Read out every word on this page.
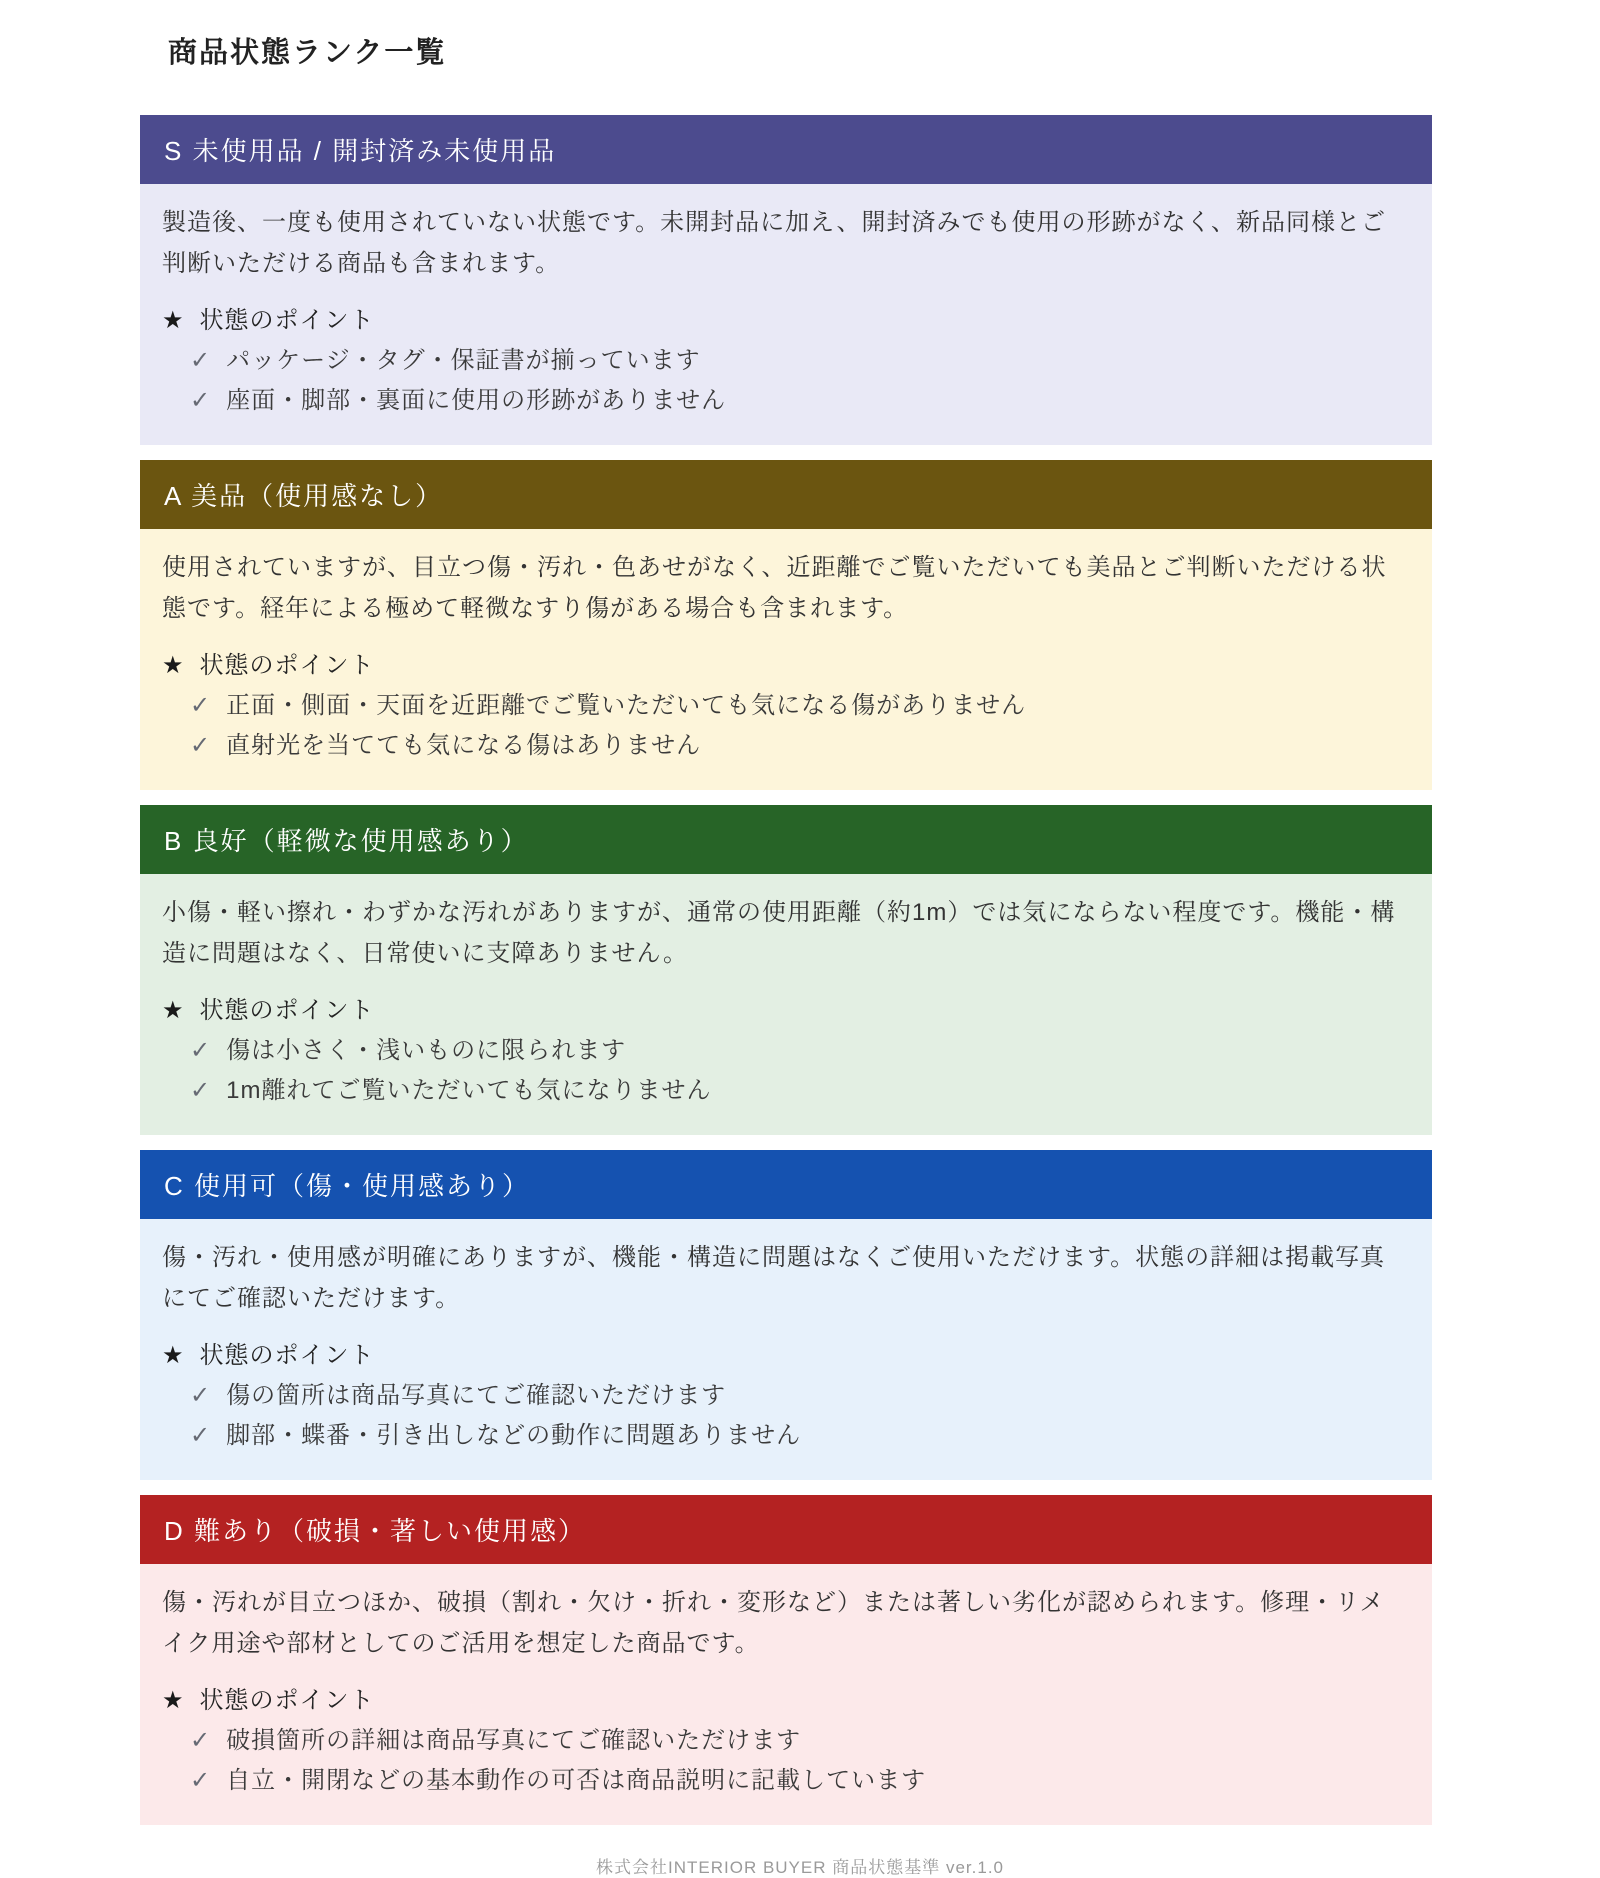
商品状態ランク一覧
S 未使用品 / 開封済み未使用品

製造後、一度も使用されていない状態です。未開封品に加え、開封済みでも使用の形跡がなく、新品同様とご判断いただける商品も含まれます。

★ 状態のポイント
✓ パッケージ・タグ・保証書が揃っています
✓ 座面・脚部・裏面に使用の形跡がありません
A 美品（使用感なし）

使用されていますが、目立つ傷・汚れ・色あせがなく、近距離でご覧いただいても美品とご判断いただける状態です。経年による極めて軽微なすり傷がある場合も含まれます。

★ 状態のポイント
✓ 正面・側面・天面を近距離でご覧いただいても気になる傷がありません
✓ 直射光を当てても気になる傷はありません
B 良好（軽微な使用感あり）

小傷・軽い擦れ・わずかな汚れがありますが、通常の使用距離（約1m）では気にならない程度です。機能・構造に問題はなく、日常使いに支障ありません。

★ 状態のポイント
✓ 傷は小さく・浅いものに限られます
✓ 1m離れてご覧いただいても気になりません
C 使用可（傷・使用感あり）

傷・汚れ・使用感が明確にありますが、機能・構造に問題はなくご使用いただけます。状態の詳細は掲載写真にてご確認いただけます。

★ 状態のポイント
✓ 傷の箇所は商品写真にてご確認いただけます
✓ 脚部・蝶番・引き出しなどの動作に問題ありません
D 難あり（破損・著しい使用感）

傷・汚れが目立つほか、破損（割れ・欠け・折れ・変形など）または著しい劣化が認められます。修理・リメイク用途や部材としてのご活用を想定した商品です。

★ 状態のポイント
✓ 破損箇所の詳細は商品写真にてご確認いただけます
✓ 自立・開閉などの基本動作の可否は商品説明に記載しています
株式会社INTERIOR BUYER 商品状態基準 ver.1.0
